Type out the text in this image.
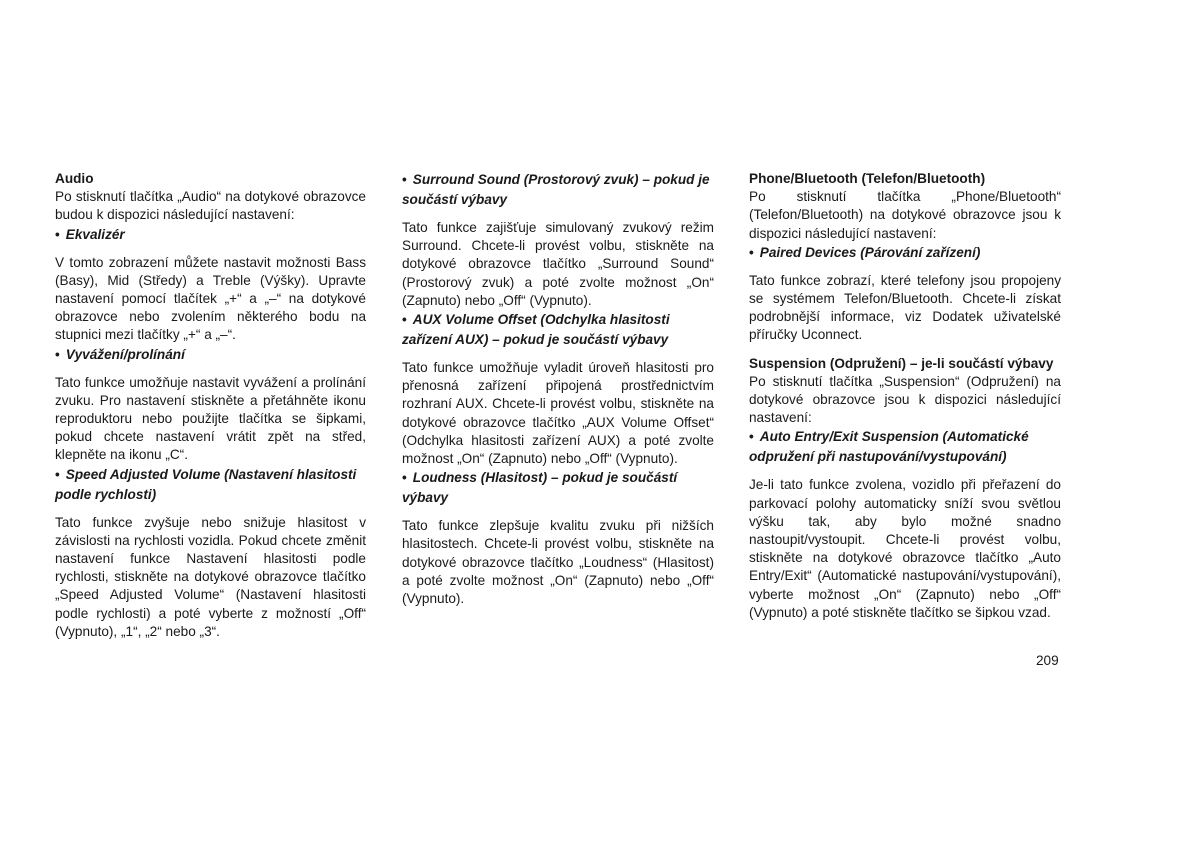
Audio

Po stisknutí tlačítka „Audio“ na dotykové obrazovce budou k dispozici následující nastavení:

• Ekvalizér

V tomto zobrazení můžete nastavit možnosti Bass (Basy), Mid (Středy) a Treble (Výšky). Upravte nastavení pomocí tlačítek „+“ a „–“ na dotykové obrazovce nebo zvolením některého bodu na stupnici mezi tlačítky „+“ a „–“.

• Vyvážení/prolínání

Tato funkce umožňuje nastavit vyvážení a prolínání zvuku. Pro nastavení stiskněte a přetáhněte ikonu reproduktoru nebo použijte tlačítka se šipkami, pokud chcete nastavení vrátit zpět na střed, klepněte na ikonu „C“.

• Speed Adjusted Volume (Nastavení hlasitosti podle rychlosti)

Tato funkce zvyšuje nebo snižuje hlasitost v závislosti na rychlosti vozidla. Pokud chcete změnit nastavení funkce Nastavení hlasitosti podle rychlosti, stiskněte na dotykové obrazovce tlačítko „Speed Adjusted Volume“ (Nastavení hlasitosti podle rychlosti) a poté vyberte z možností „Off“ (Vypnuto), „1“, „2“ nebo „3“.

• Surround Sound (Prostorový zvuk) – pokud je součástí výbavy

Tato funkce zajišťuje simulovaný zvukový režim Surround. Chcete-li provést volbu, stiskněte na dotykové obrazovce tlačítko „Surround Sound“ (Prostorový zvuk) a poté zvolte možnost „On“ (Zapnuto) nebo „Off“ (Vypnuto).

• AUX Volume Offset (Odchylka hlasitosti zařízení AUX) – pokud je součástí výbavy

Tato funkce umožňuje vyladit úroveň hlasitosti pro přenosná zařízení připojená prostřednictvím rozhraní AUX. Chcete-li provést volbu, stiskněte na dotykové obrazovce tlačítko „AUX Volume Offset“ (Odchylka hlasitosti zařízení AUX) a poté zvolte možnost „On“ (Zapnuto) nebo „Off“ (Vypnuto).

• Loudness (Hlasitost) – pokud je součástí výbavy

Tato funkce zlepšuje kvalitu zvuku při nižších hlasitostech. Chcete-li provést volbu, stiskněte na dotykové obrazovce tlačítko „Loudness“ (Hlasitost) a poté zvolte možnost „On“ (Zapnuto) nebo „Off“ (Vypnuto).

Phone/Bluetooth (Telefon/Bluetooth)

Po stisknutí tlačítka „Phone/Bluetooth“ (Telefon/Bluetooth) na dotykové obrazovce jsou k dispozici následující nastavení:

• Paired Devices (Párování zařízení)

Tato funkce zobrazí, které telefony jsou propojeny se systémem Telefon/Bluetooth. Chcete-li získat podrobnější informace, viz Dodatek uživatelské příručky Uconnect.

Suspension (Odpružení) – je-li součástí výbavy

Po stisknutí tlačítka „Suspension“ (Odpružení) na dotykové obrazovce jsou k dispozici následující nastavení:

• Auto Entry/Exit Suspension (Automatické odpružení při nastupování/vystupování)

Je-li tato funkce zvolena, vozidlo při přeřazení do parkovací polohy automaticky sníží svou světlou výšku tak, aby bylo možné snadno nastoupit/vystoupit. Chcete-li provést volbu, stiskněte na dotykové obrazovce tlačítko „Auto Entry/Exit“ (Automatické nastupování/vystupování), vyberte možnost „On“ (Zapnuto) nebo „Off“ (Vypnuto) a poté stiskněte tlačítko se šipkou vzad.

209
